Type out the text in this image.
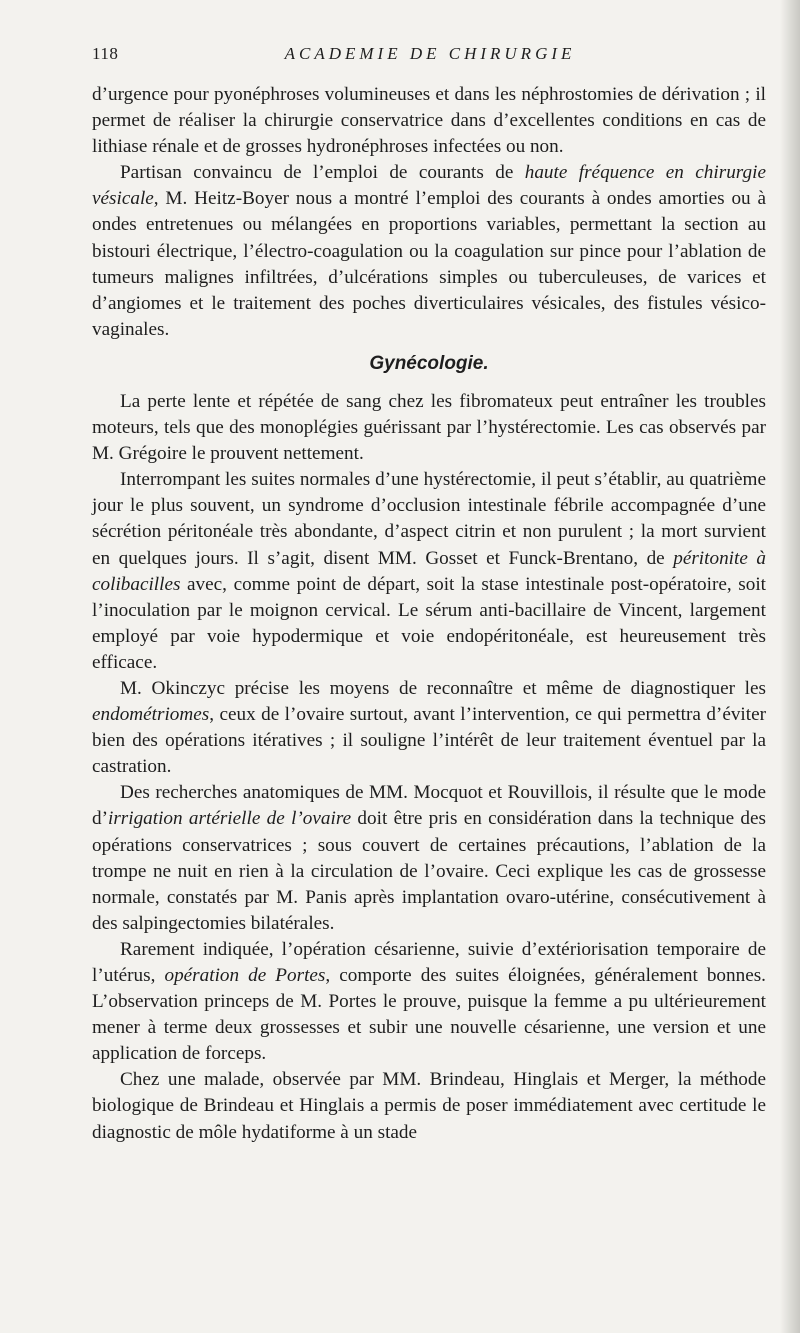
118	ACADEMIE DE CHIRURGIE

d’urgence pour pyonéphroses volumineuses et dans les néphrostomies de dérivation ; il permet de réaliser la chirurgie conservatrice dans d’excellentes conditions en cas de lithiase rénale et de grosses hydronéphroses infectées ou non.

Partisan convaincu de l’emploi de courants de haute fréquence en chirurgie vésicale, M. Heitz-Boyer nous a montré l’emploi des courants à ondes amorties ou à ondes entretenues ou mélangées en proportions variables, permettant la section au bistouri électrique, l’électro-coagulation ou la coagulation sur pince pour l’ablation de tumeurs malignes infiltrées, d’ulcérations simples ou tuberculeuses, de varices et d’angiomes et le traitement des poches diverticulaires vésicales, des fistules vésico-vaginales.

Gynécologie.

La perte lente et répétée de sang chez les fibromateux peut entraîner les troubles moteurs, tels que des monoplégies guérissant par l’hystérectomie. Les cas observés par M. Grégoire le prouvent nettement.

Interrompant les suites normales d’une hystérectomie, il peut s’établir, au quatrième jour le plus souvent, un syndrome d’occlusion intestinale fébrile accompagnée d’une sécrétion péritonéale très abondante, d’aspect citrin et non purulent ; la mort survient en quelques jours. Il s’agit, disent MM. Gosset et Funck-Brentano, de péritonite à colibacilles avec, comme point de départ, soit la stase intestinale post-opératoire, soit l’inoculation par le moignon cervical. Le sérum anti-bacillaire de Vincent, largement employé par voie hypodermique et voie endopéritonéale, est heureusement très efficace.

M. Okinczyc précise les moyens de reconnaître et même de diagnostiquer les endométriomes, ceux de l’ovaire surtout, avant l’intervention, ce qui permettra d’éviter bien des opérations itératives ; il souligne l’intérêt de leur traitement éventuel par la castration.

Des recherches anatomiques de MM. Mocquot et Rouvillois, il résulte que le mode d’irrigation artérielle de l’ovaire doit être pris en considération dans la technique des opérations conservatrices ; sous couvert de certaines précautions, l’ablation de la trompe ne nuit en rien à la circulation de l’ovaire. Ceci explique les cas de grossesse normale, constatés par M. Panis après implantation ovaro-utérine, consécutivement à des salpingectomies bilatérales.

Rarement indiquée, l’opération césarienne, suivie d’extériorisation temporaire de l’utérus, opération de Portes, comporte des suites éloignées, généralement bonnes. L’observation princeps de M. Portes le prouve, puisque la femme a pu ultérieurement mener à terme deux grossesses et subir une nouvelle césarienne, une version et une application de forceps.

Chez une malade, observée par MM. Brindeau, Hinglais et Merger, la méthode biologique de Brindeau et Hinglais a permis de poser immédiatement avec certitude le diagnostic de môle hydatiforme à un stade
